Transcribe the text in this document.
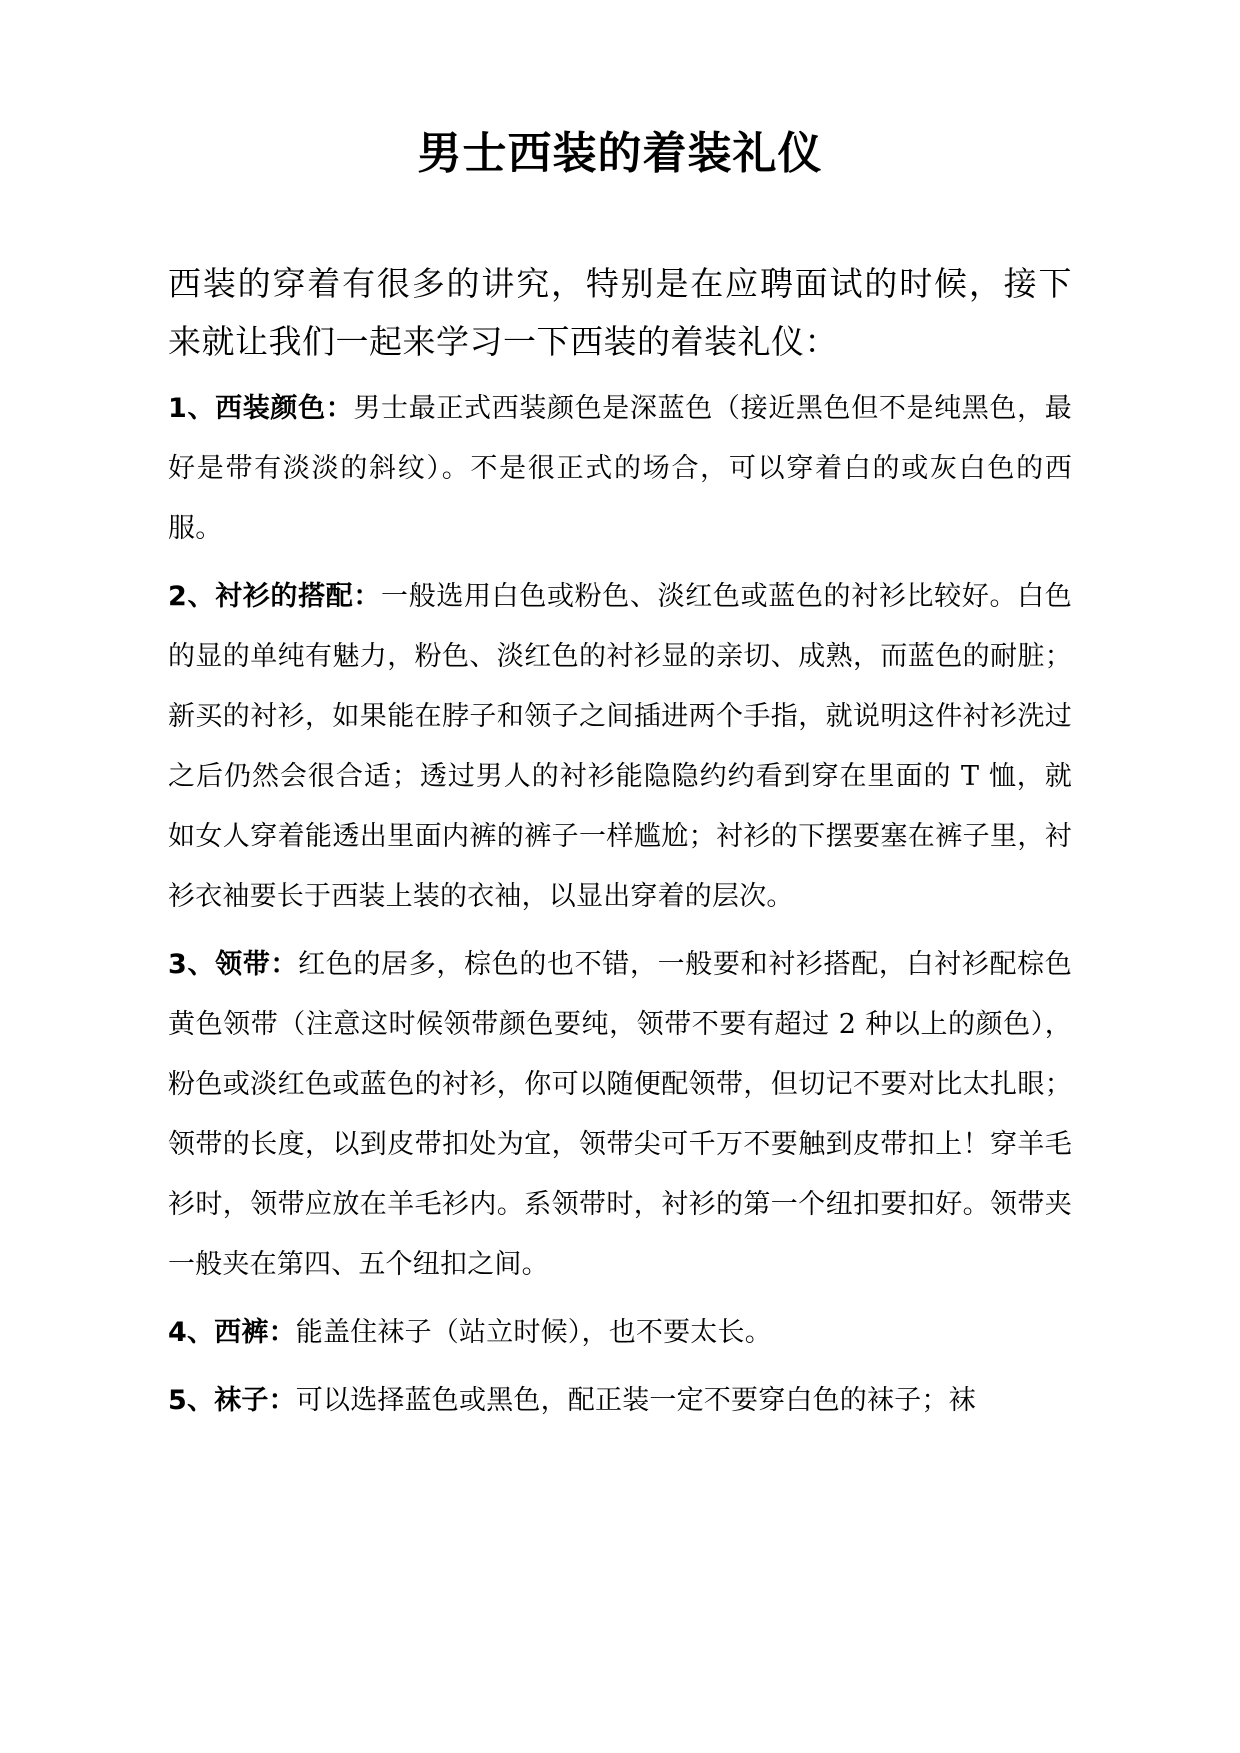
男士西装的着装礼仪
西装的穿着有很多的讲究，特别是在应聘面试的时候，接下来就让我们一起来学习一下西装的着装礼仪：
1、西装颜色：男士最正式西装颜色是深蓝色（接近黑色但不是纯黑色，最好是带有淡淡的斜纹）。不是很正式的场合，可以穿着白的或灰白色的西服。
2、衬衫的搭配：一般选用白色或粉色、淡红色或蓝色的衬衫比较好。白色的显的单纯有魅力，粉色、淡红色的衬衫显的亲切、成熟，而蓝色的耐脏；新买的衬衫，如果能在脖子和领子之间插进两个手指，就说明这件衬衫洗过之后仍然会很合适；透过男人的衬衫能隐隐约约看到穿在里面的 T 恤，就如女人穿着能透出里面内裤的裤子一样尴尬；衬衫的下摆要塞在裤子里，衬衫衣袖要长于西装上装的衣袖，以显出穿着的层次。
3、领带：红色的居多，棕色的也不错，一般要和衬衫搭配，白衬衫配棕色黄色领带（注意这时候领带颜色要纯，领带不要有超过 2 种以上的颜色），粉色或淡红色或蓝色的衬衫，你可以随便配领带，但切记不要对比太扎眼；领带的长度，以到皮带扣处为宜，领带尖可千万不要触到皮带扣上！穿羊毛衫时，领带应放在羊毛衫内。系领带时，衬衫的第一个纽扣要扣好。领带夹一般夹在第四、五个纽扣之间。
4、西裤：能盖住袜子（站立时候），也不要太长。
5、袜子：可以选择蓝色或黑色，配正装一定不要穿白色的袜子；袜
